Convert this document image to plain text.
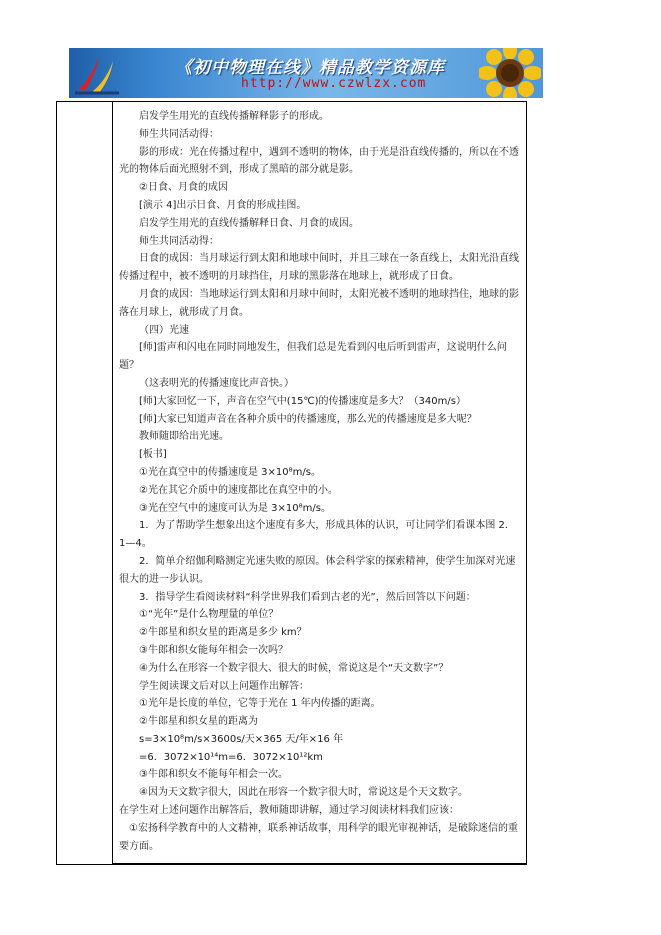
《初中物理在线》精品教学资源库
http://www.czwlzx.com

启发学生用光的直线传播解释影子的形成。

师生共同活动得：

影的形成：光在传播过程中，遇到不透明的物体，由于光是沿直线传播的，所以在不透光的物体后面光照射不到，形成了黑暗的部分就是影。

②日食、月食的成因

[演示 4]出示日食、月食的形成挂图。

启发学生用光的直线传播解释日食、月食的成因。

师生共同活动得：

日食的成因：当月球运行到太阳和地球中间时，并且三球在一条直线上，太阳光沿直线传播过程中，被不透明的月球挡住，月球的黑影落在地球上，就形成了日食。

月食的成因：当地球运行到太阳和月球中间时，太阳光被不透明的地球挡住，地球的影落在月球上，就形成了月食。

（四）光速

[师]雷声和闪电在同时同地发生，但我们总是先看到闪电后听到雷声，这说明什么问题？

（这表明光的传播速度比声音快。）

[师]大家回忆一下，声音在空气中(15℃)的传播速度是多大？（340m/s）

[师]大家已知道声音在各种介质中的传播速度，那么光的传播速度是多大呢？

教师随即给出光速。

[板书]

①光在真空中的传播速度是 3×10⁸m/s。

②光在其它介质中的速度都比在真空中的小。

③光在空气中的速度可认为是 3×10⁸m/s。

1．为了帮助学生想象出这个速度有多大，形成具体的认识，可让同学们看课本图 2．1—4。

2．简单介绍伽利略测定光速失败的原因。体会科学家的探索精神，使学生加深对光速很大的进一步认识。

3．指导学生看阅读材料“科学世界我们看到古老的光”，然后回答以下问题：

①“光年”是什么物理量的单位？

②牛郎星和织女星的距离是多少 km？

③牛郎和织女能每年相会一次吗？

④为什么在形容一个数字很大、很大的时候，常说这是个“天文数字”？

学生阅读课文后对以上问题作出解答：

①光年是长度的单位，它等于光在 1 年内传播的距离。

②牛郎星和织女星的距离为

s=3×10⁸m/s×3600s/天×365 天/年×16 年

=6．3072×10¹⁴m=6．3072×10¹²km

③牛郎和织女不能每年相会一次。

④因为天文数字很大，因此在形容一个数字很大时，常说这是个天文数字。

在学生对上述问题作出解答后，教师随即讲解，通过学习阅读材料我们应该：

①宏扬科学教育中的人文精神，联系神话故事，用科学的眼光审视神话，是破除迷信的重要方面。
